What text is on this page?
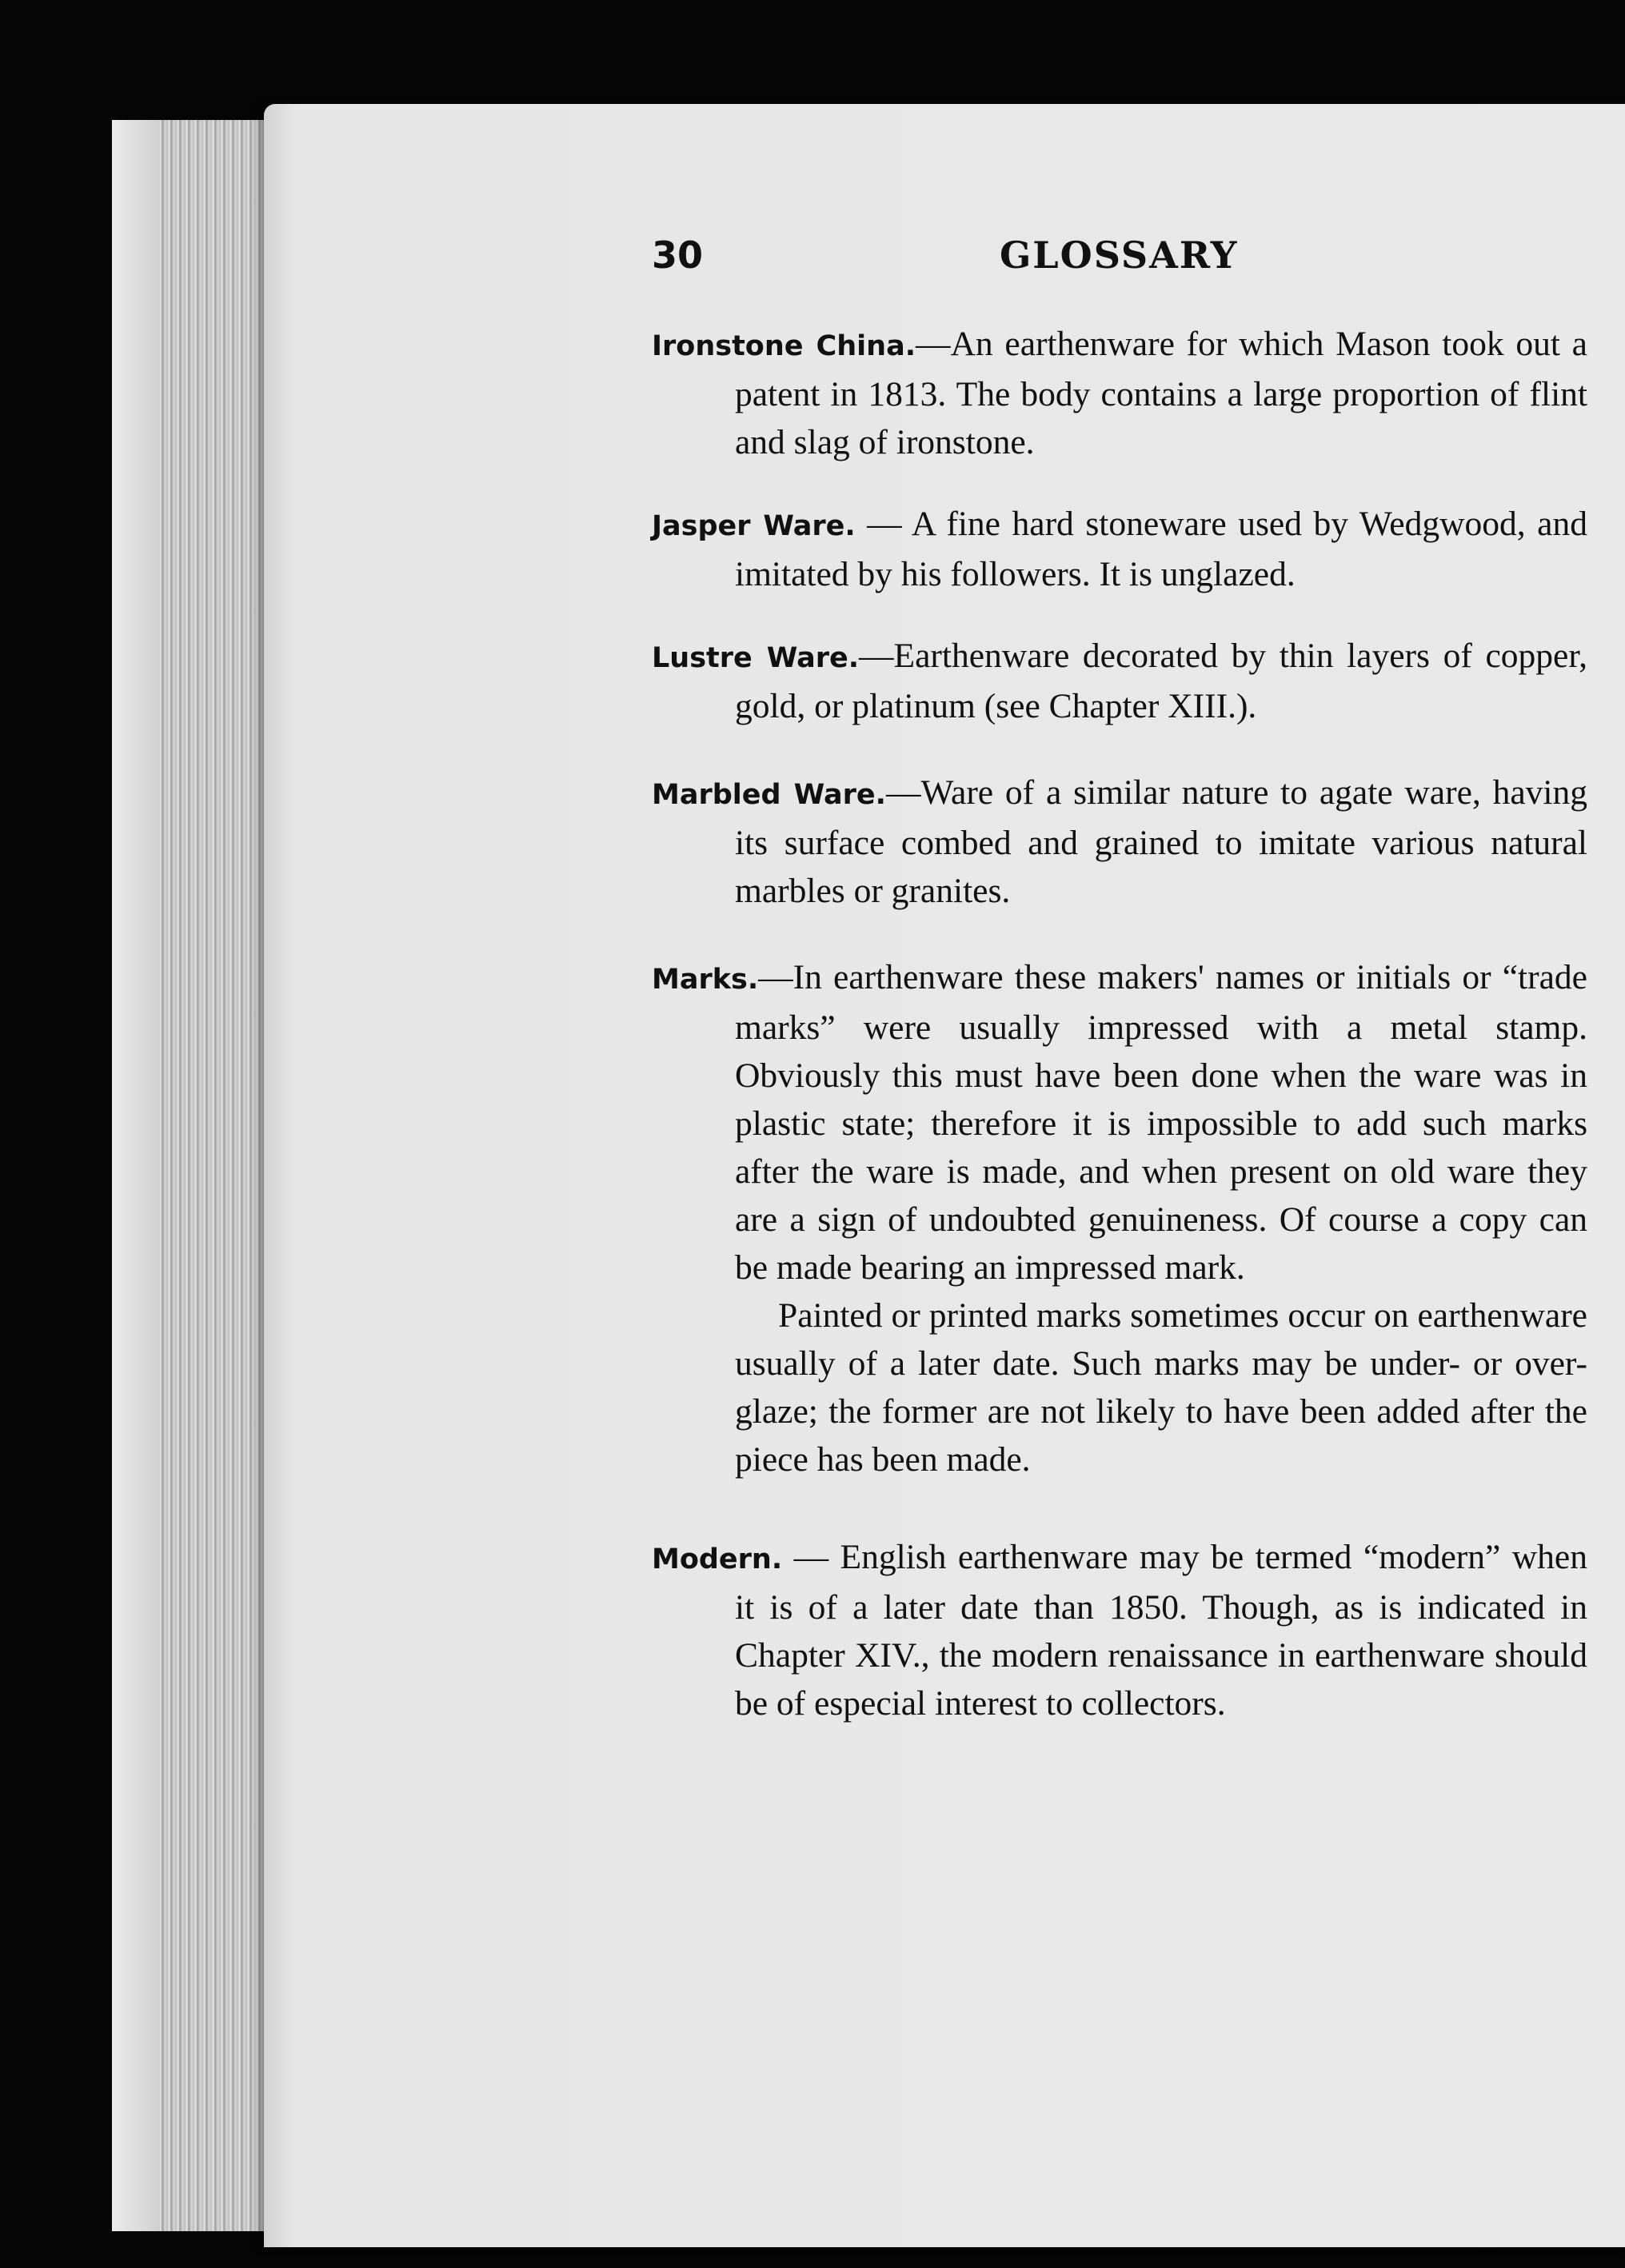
30	GLOSSARY

Ironstone China.—An earthenware for which Mason took out a patent in 1813. The body contains a large proportion of flint and slag of ironstone.

Jasper Ware. — A fine hard stoneware used by Wedgwood, and imitated by his followers. It is unglazed.

Lustre Ware.—Earthenware decorated by thin layers of copper, gold, or platinum (see Chapter XIII.).

Marbled Ware.—Ware of a similar nature to agate ware, having its surface combed and grained to imitate various natural marbles or granites.

Marks.—In earthenware these makers' names or initials or “trade marks” were usually impressed with a metal stamp. Obviously this must have been done when the ware was in plastic state; therefore it is impossible to add such marks after the ware is made, and when present on old ware they are a sign of undoubted genuineness. Of course a copy can be made bearing an impressed mark.

Painted or printed marks sometimes occur on earthenware usually of a later date. Such marks may be under- or over-glaze; the former are not likely to have been added after the piece has been made.

Modern. — English earthenware may be termed “modern” when it is of a later date than 1850. Though, as is indicated in Chapter XIV., the modern renaissance in earthenware should be of especial interest to collectors.
